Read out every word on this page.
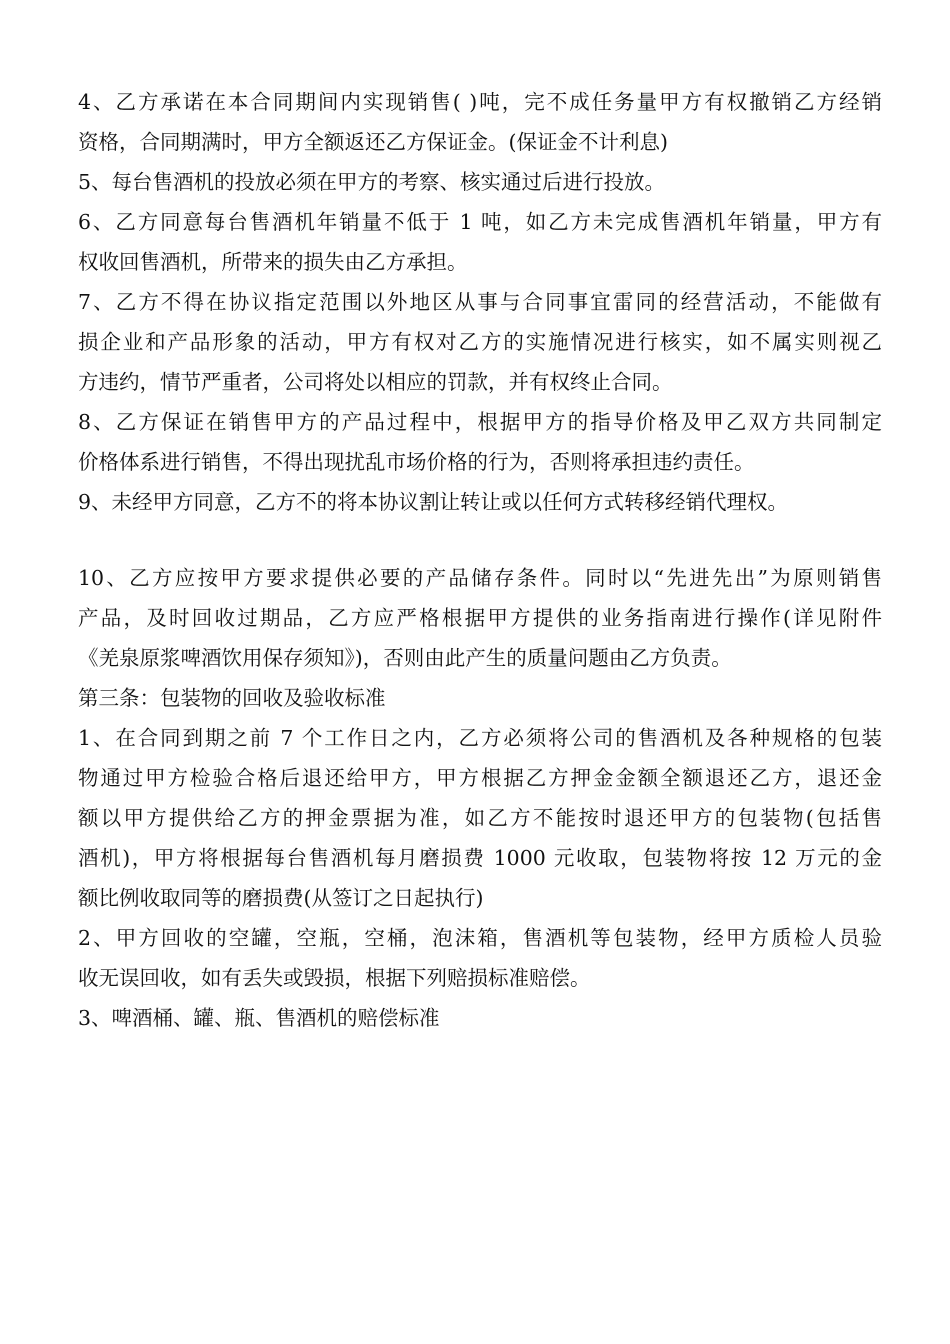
4、乙方承诺在本合同期间内实现销售( )吨，完不成任务量甲方有权撤销乙方经销
资格，合同期满时，甲方全额返还乙方保证金。(保证金不计利息)
5、每台售酒机的投放必须在甲方的考察、核实通过后进行投放。
6、乙方同意每台售酒机年销量不低于 1 吨，如乙方未完成售酒机年销量，甲方有
权收回售酒机，所带来的损失由乙方承担。
7、乙方不得在协议指定范围以外地区从事与合同事宜雷同的经营活动，不能做有
损企业和产品形象的活动，甲方有权对乙方的实施情况进行核实，如不属实则视乙
方违约，情节严重者，公司将处以相应的罚款，并有权终止合同。
8、乙方保证在销售甲方的产品过程中，根据甲方的指导价格及甲乙双方共同制定
价格体系进行销售，不得出现扰乱市场价格的行为，否则将承担违约责任。
9、未经甲方同意，乙方不的将本协议割让转让或以任何方式转移经销代理权。
10、乙方应按甲方要求提供必要的产品储存条件。同时以“先进先出”为原则销售
产品，及时回收过期品，乙方应严格根据甲方提供的业务指南进行操作(详见附件
《羌泉原浆啤酒饮用保存须知》)，否则由此产生的质量问题由乙方负责。
第三条：包装物的回收及验收标准
1、在合同到期之前 7 个工作日之内，乙方必须将公司的售酒机及各种规格的包装
物通过甲方检验合格后退还给甲方，甲方根据乙方押金金额全额退还乙方，退还金
额以甲方提供给乙方的押金票据为准，如乙方不能按时退还甲方的包装物(包括售
酒机)，甲方将根据每台售酒机每月磨损费 1000 元收取，包装物将按 12 万元的金
额比例收取同等的磨损费(从签订之日起执行)
2、甲方回收的空罐，空瓶，空桶，泡沫箱，售酒机等包装物，经甲方质检人员验
收无误回收，如有丢失或毁损，根据下列赔损标准赔偿。
3、啤酒桶、罐、瓶、售酒机的赔偿标准
